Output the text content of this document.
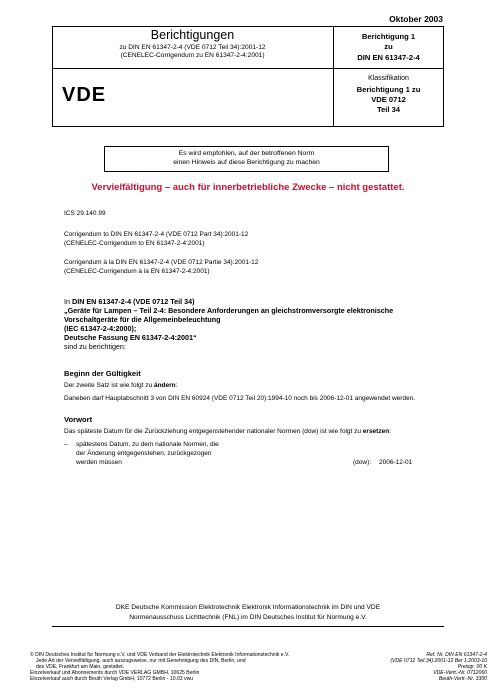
Oktober 2003
Berichtigungen
zu DIN EN 61347-2-4 (VDE 0712 Teil 34):2001-12
(CENELEC-Corrigendum zu EN 61347-2-4:2001)
VDE
Berichtigung 1
zu
DIN EN 61347-2-4
Klassifikation
Berichtigung 1 zu
VDE 0712
Teil 34
Es wird empfohlen, auf der betroffenen Norm
einen Hinweis auf diese Berichtigung zu machen
Vervielfältigung – auch für innerbetriebliche Zwecke – nicht gestattet.
ICS 29.140.99
Corrigendum to DIN EN 61347-2-4 (VDE 0712 Part 34):2001-12
(CENELEC-Corrigendum to EN 61347-2-4:2001)
Corrigendum à la DIN EN 61347-2-4 (VDE 0712 Partie 34):2001-12
(CENELEC-Corrigendum à la EN 61347-2-4:2001)
In DIN EN 61347-2-4 (VDE 0712 Teil 34)
„Geräte für Lampen – Teil 2-4: Besondere Anforderungen an gleichstromversorgte elektronische
Vorschaltgeräte für die Allgemeinbeleuchtung
(IEC 61347-2-4:2000);
Deutsche Fassung EN 61347-2-4:2001“
sind zu berichtigen:
Beginn der Gültigkeit
Der zweite Satz ist wie folgt zu ändern:
Daneben darf Hauptabschnitt 3 von DIN EN 60924 (VDE 0712 Teil 20):1994-10 noch bis 2006-12-01 angewendet werden.
Vorwort
Das späteste Datum für die Zurückziehung entgegenstehender nationaler Normen (dow) ist wie folgt zu ersetzen:
– spätestens Datum, zu dem nationale Normen, die
der Änderung entgegenstehen, zurückgezogen
werden müssen	(dow): 2006-12-01
DKE Deutsche Kommission Elektrotechnik Elektronik Informationstechnik im DIN und VDE
Normenausschuss Lichttechnik (FNL) im DIN Deutsches Institut für Normung e.V.
© DIN Deutsches Institut für Normung e.V. und VDE Verband der Elektrotechnik Elektronik Informationstechnik e.V.
Jede Art der Vervielfältigung, auch auszugsweise, nur mit Genehmigung des DIN, Berlin, und
des VDE, Frankfurt am Main, gestattet.
Einzelverkauf und Abonnements durch VDE VERLAG GMBH, 10625 Berlin
Einzelverkauf auch durch Beuth Verlag GmbH, 10772 Berlin - 10.03 vwu
Ref. Nr. DIN EN 61347-2-4
(VDE 0712 Teil 34):2001-12 Ber 1:2003-10
Preisgr. 00 K
VDE-Vertr.-Nr. 0712060
Beuth-Vertr.-Nr. 3300
